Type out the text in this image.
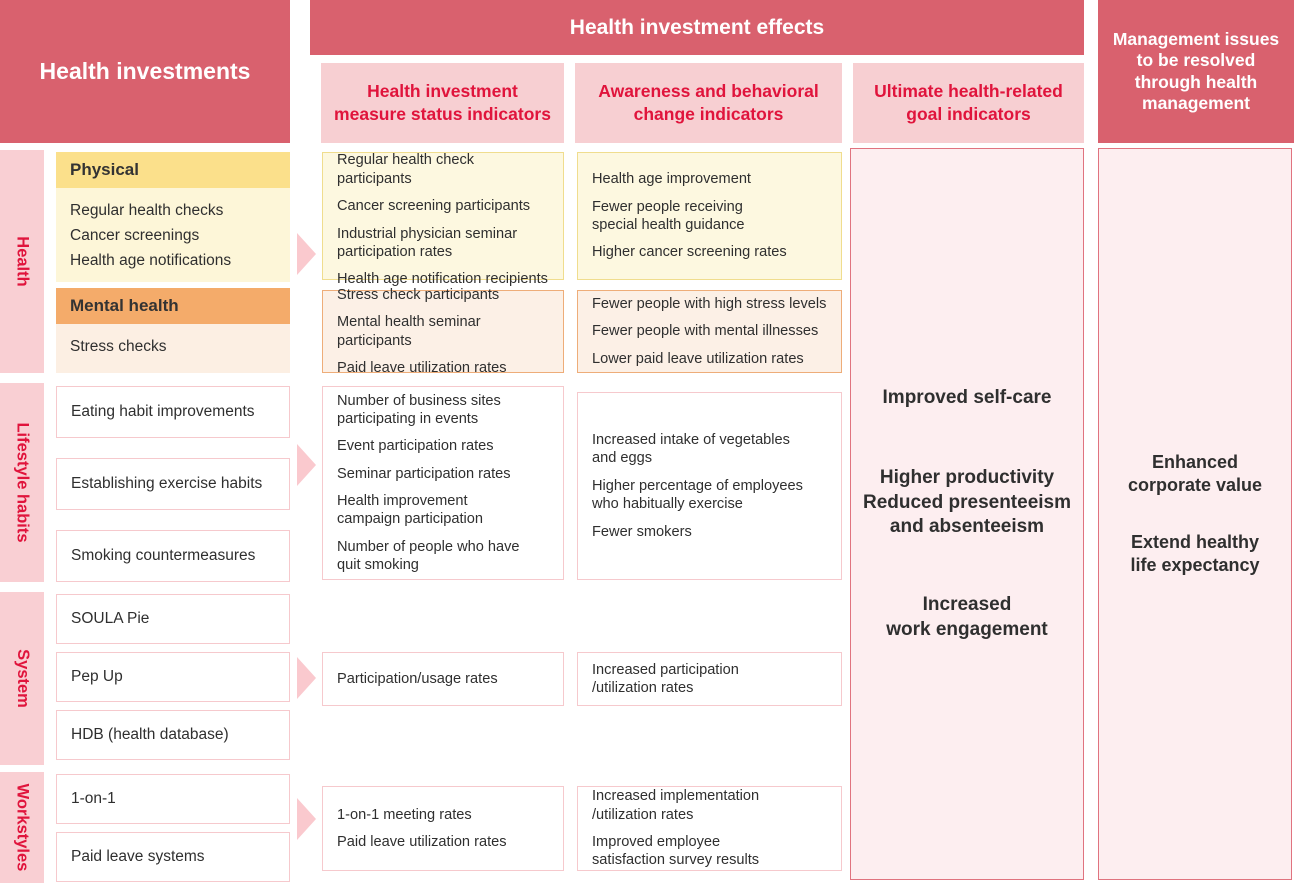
Health investments
Health investment effects
Management issues
to be resolved
through health
management
Health investment
measure status indicators
Awareness and behavioral
change indicators
Ultimate health-related
goal indicators
Health
Lifestyle habits
System
Workstyles
Physical
Regular health checks
Cancer screenings
Health age notifications
Mental health
Stress checks
Eating habit improvements
Establishing exercise habits
Smoking countermeasures
SOULA Pie
Pep Up
HDB (health database)
1-on-1
Paid leave systems

Regular health check participants

Cancer screening participants

Industrial physician seminar
participation rates

Health age notification recipients

Stress check participants

Mental health seminar participants

Paid leave utilization rates

Number of business sites
participating in events

Event participation rates

Seminar participation rates

Health improvement
campaign participation

Number of people who have
quit smoking

Participation/usage rates

1-on-1 meeting rates

Paid leave utilization rates

Health age improvement

Fewer people receiving
special health guidance

Higher cancer screening rates

Fewer people with high stress levels

Fewer people with mental illnesses

Lower paid leave utilization rates

Increased intake of vegetables
and eggs

Higher percentage of employees
who habitually exercise

Fewer smokers

Increased participation
/utilization rates

Increased implementation
/utilization rates

Improved employee
satisfaction survey results

Improved self-care

Higher productivity
Reduced presenteeism
and absenteeism

Increased
work engagement

Enhanced
corporate value

Extend healthy
life expectancy
